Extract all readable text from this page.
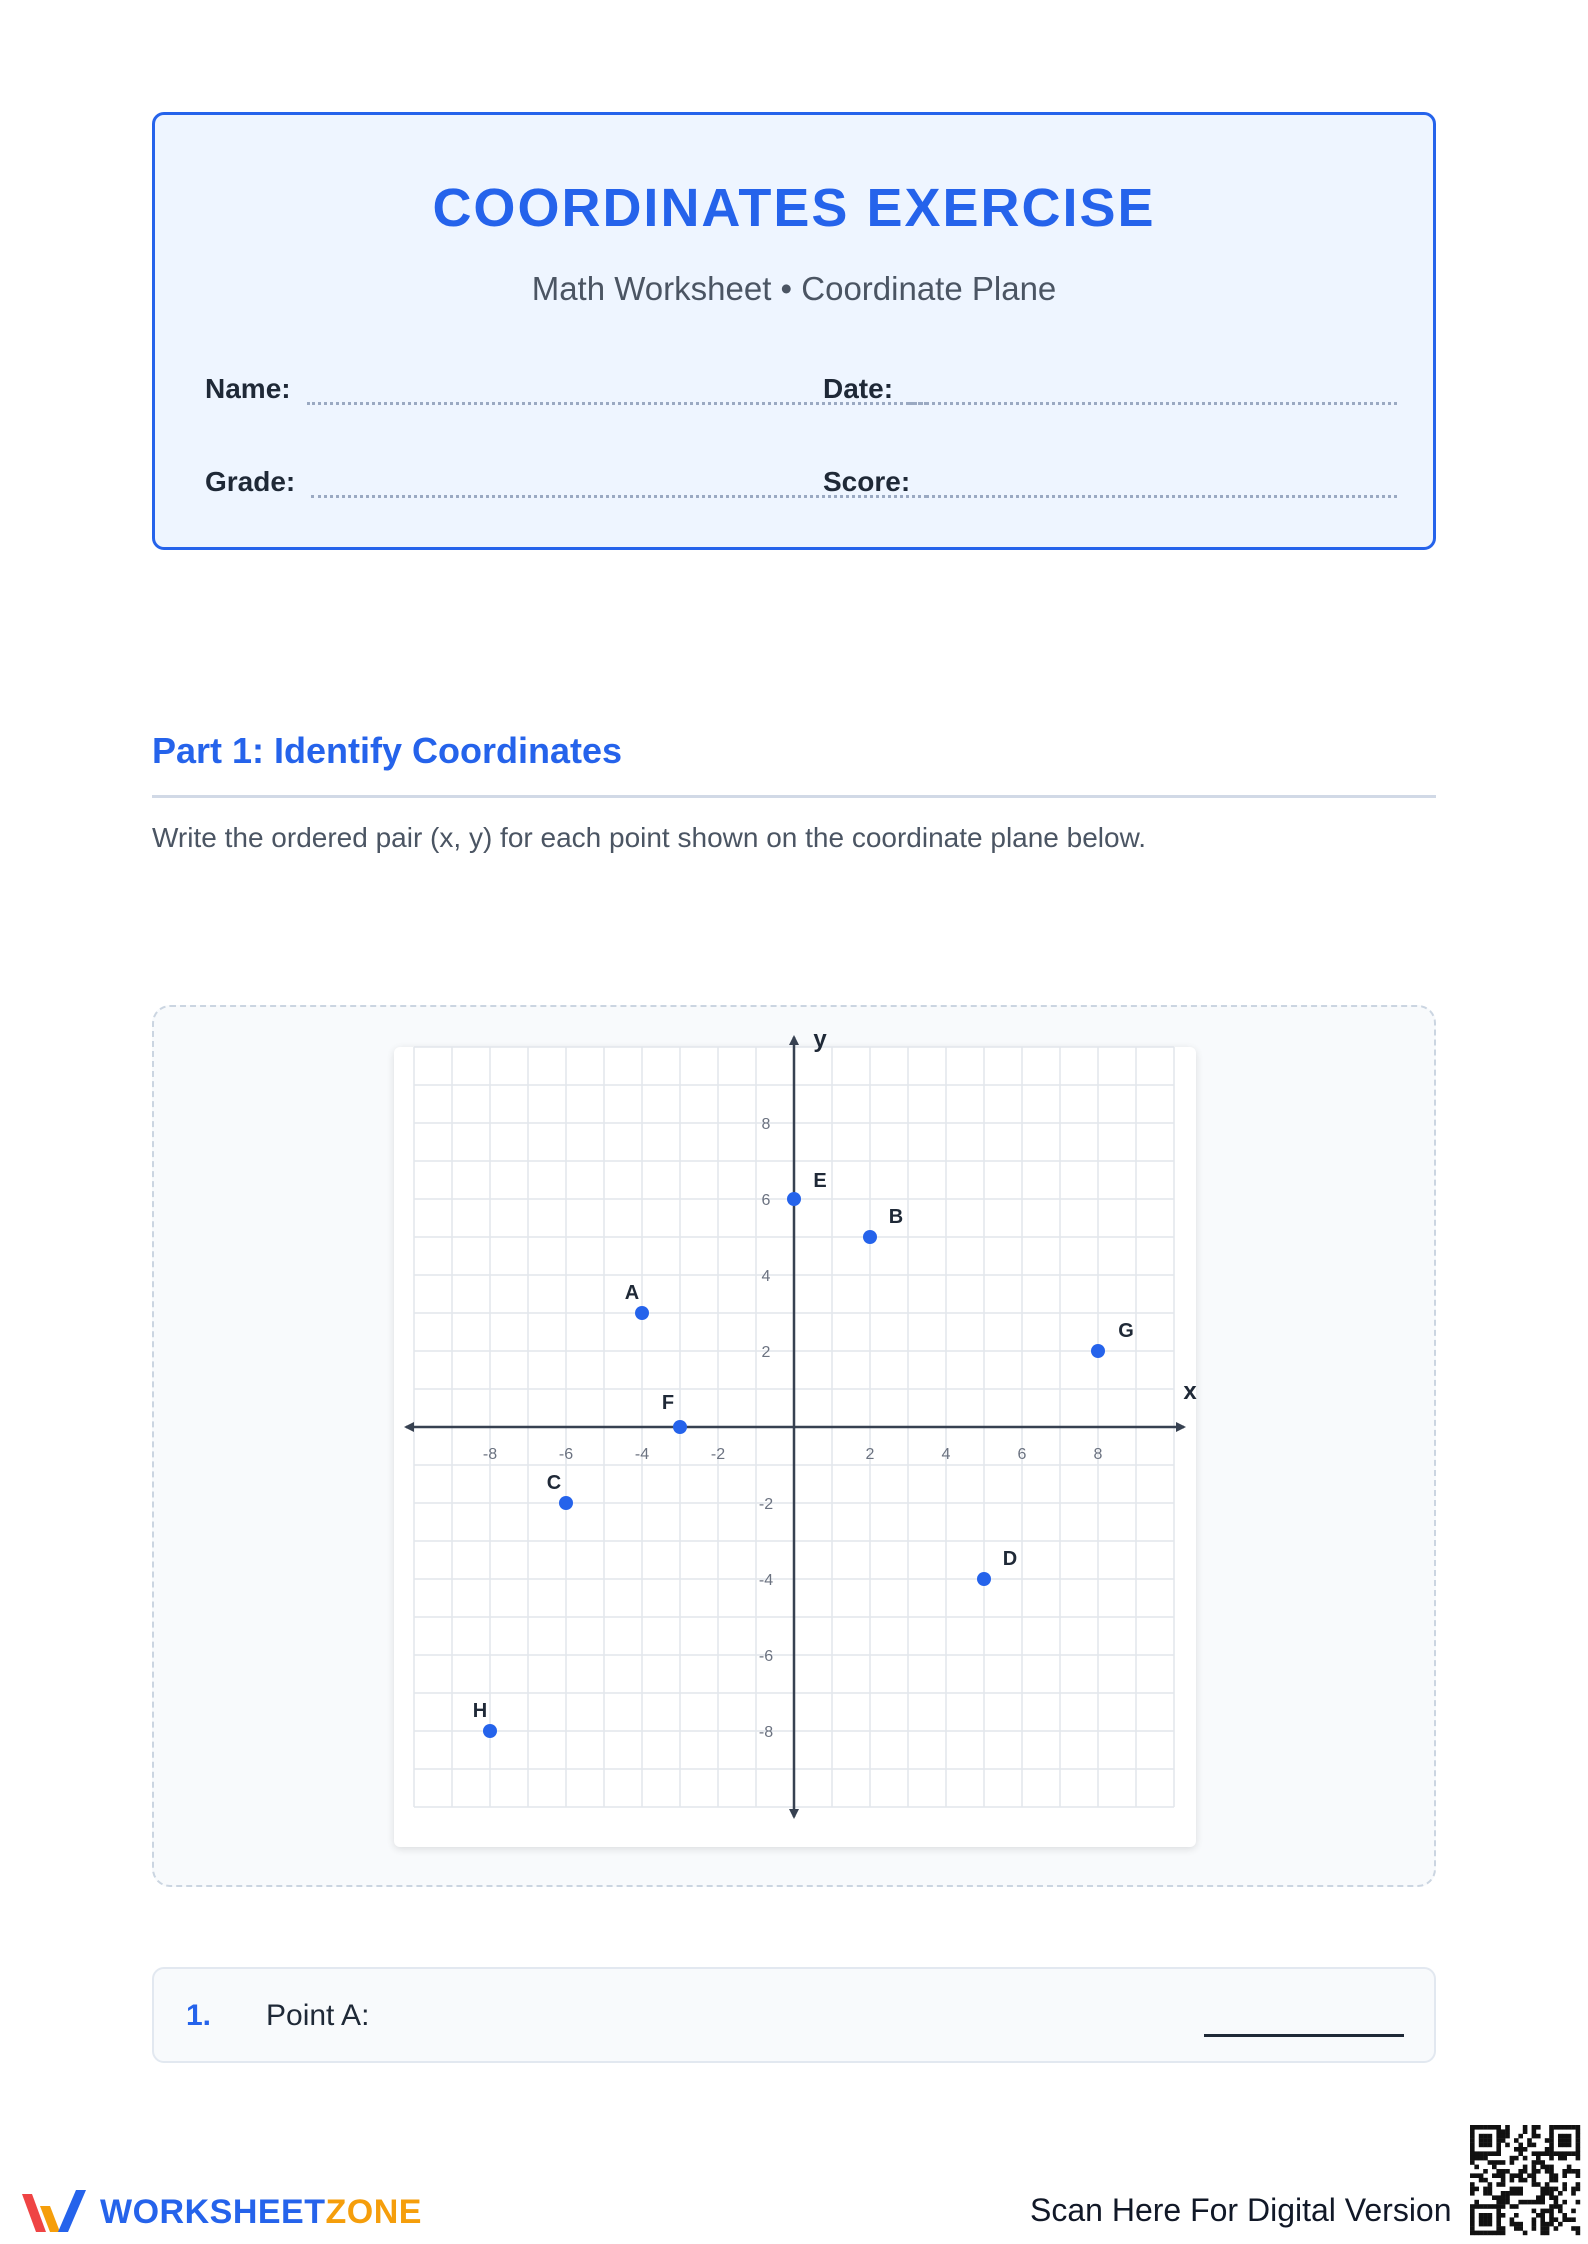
COORDINATES EXERCISE
Math Worksheet • Coordinate Plane
Name:	Date:
Grade:	Score:
Part 1: Identify Coordinates
Write the ordered pair (x, y) for each point shown on the coordinate plane below.
x
y
-8	-6	-4	-2	2	4	6	8
8
6
4
2
-2
-4
-6
-8
A
B
C
D
E
F
G
H
1. Point A:
WORKSHEETZONE	Scan Here For Digital Version
